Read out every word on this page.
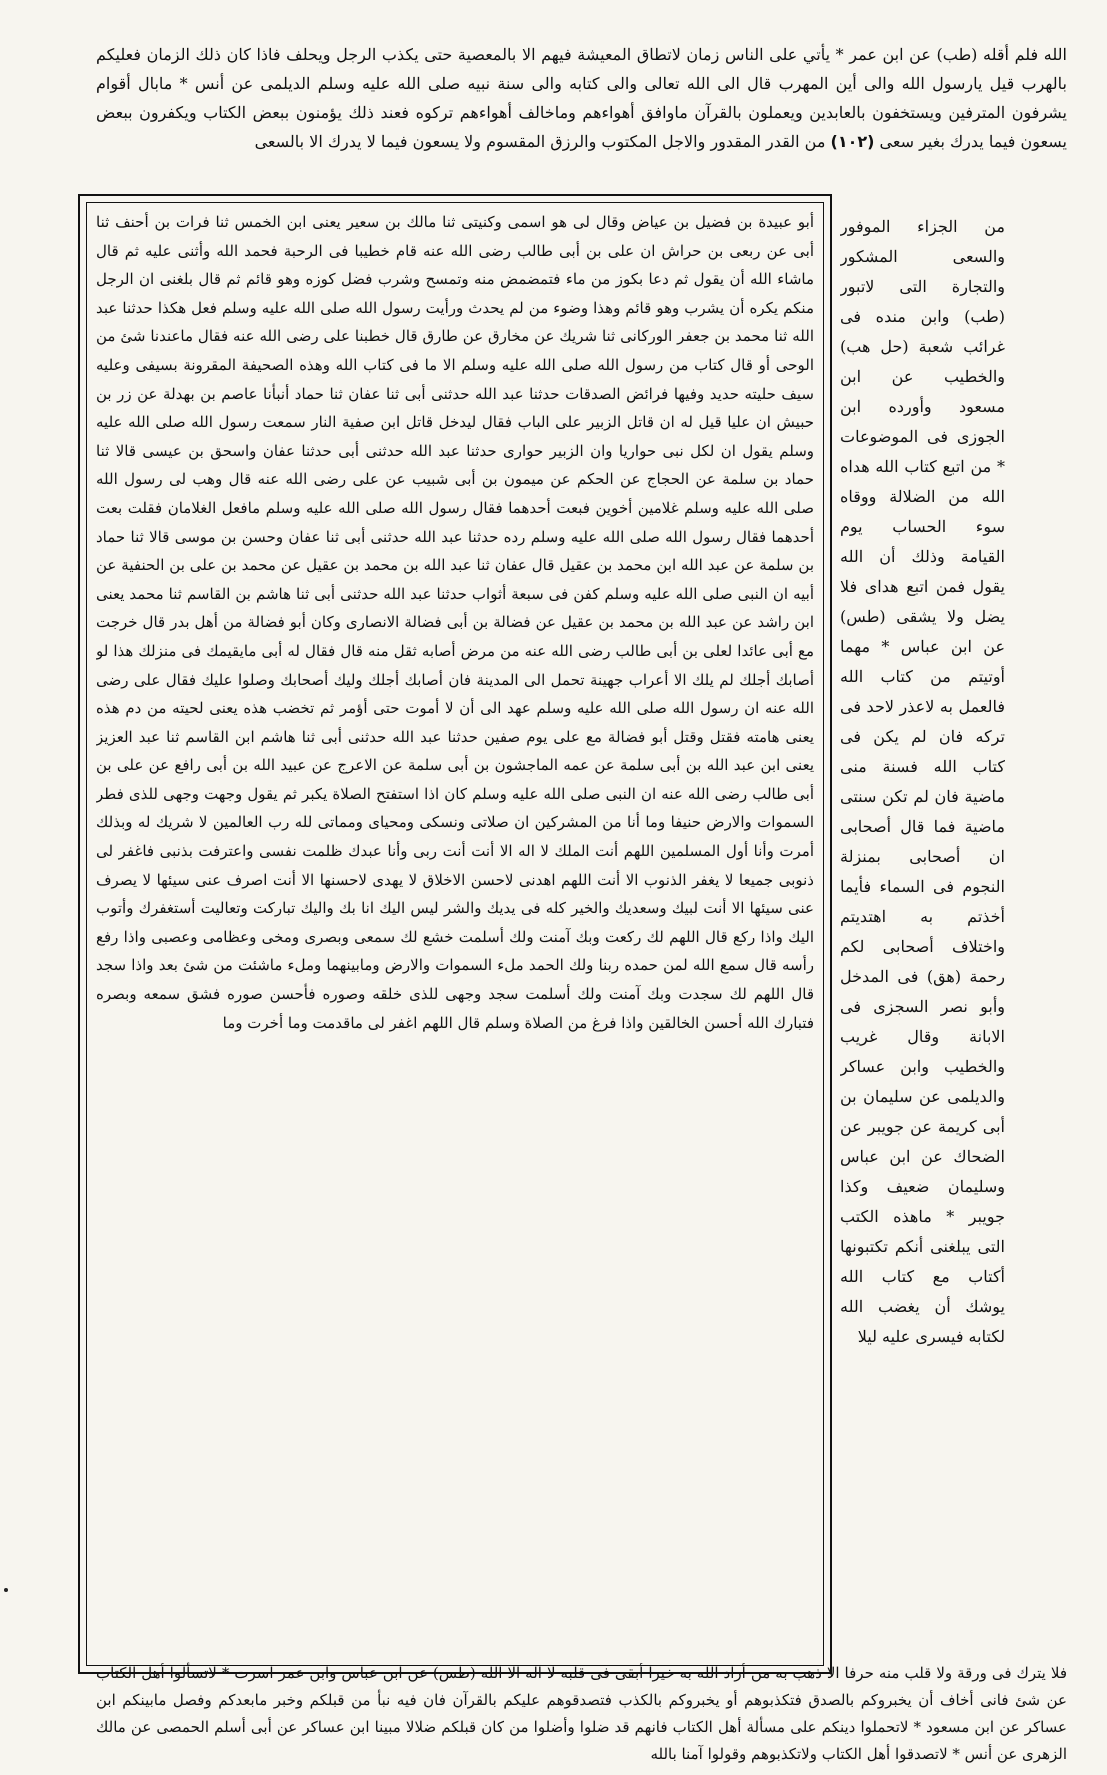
الله فلم أقله (طب) عن ابن عمر * يأتي على الناس زمان لاتطاق المعيشة فيهم الا بالمعصية حتى يكذب الرجل ويحلف فاذا كان ذلك الزمان فعليكم بالهرب قيل يارسول الله والى أين المهرب قال الى الله تعالى والى كتابه والى سنة نبيه صلى الله عليه وسلم الديلمى عن أنس * مابال أقوام يشرفون المترفين ويستخفون بالعابدين ويعملون بالقرآن ماوافق أهواءهم وماخالف أهواءهم تركوه فعند ذلك يؤمنون ببعض الكتاب ويكفرون ببعض يسعون فيما يدرك بغير سعى (١٠٢) من القدر المقدور والاجل المكتوب والرزق المقسوم ولا يسعون فيما لا يدرك الا بالسعى

أبو عبيدة بن فضيل بن عياض وقال لى هو اسمى وكنيتى ثنا مالك بن سعير يعنى ابن الخمس ثنا فرات بن أحنف ثنا أبى عن ربعى بن حراش ان على بن أبى طالب رضى الله عنه قام خطيبا فى الرحبة فحمد الله وأثنى عليه ثم قال ماشاء الله أن يقول ثم دعا بكوز من ماء فتمضمض منه وتمسح وشرب فضل كوزه وهو قائم ثم قال بلغنى ان الرجل منكم يكره أن يشرب وهو قائم وهذا وضوء من لم يحدث ورأيت رسول الله صلى الله عليه وسلم فعل هكذا حدثنا عبد الله ثنا محمد بن جعفر الوركانى ثنا شريك عن مخارق عن طارق قال خطبنا على رضى الله عنه فقال ماعندنا شئ من الوحى أو قال كتاب من رسول الله صلى الله عليه وسلم الا ما فى كتاب الله وهذه الصحيفة المقرونة بسيفى وعليه سيف حليته حديد وفيها فرائض الصدقات حدثنا عبد الله حدثنى أبى ثنا عفان ثنا حماد أنبأنا عاصم بن بهدلة عن زر بن حبيش ان عليا قيل له ان قاتل الزبير على الباب فقال ليدخل قاتل ابن صفية النار سمعت رسول الله صلى الله عليه وسلم يقول ان لكل نبى حواريا وان الزبير حوارى حدثنا عبد الله حدثنى أبى حدثنا عفان واسحق بن عيسى قالا ثنا حماد بن سلمة عن الحجاج عن الحكم عن ميمون بن أبى شبيب عن على رضى الله عنه قال وهب لى رسول الله صلى الله عليه وسلم غلامين أخوين فبعت أحدهما فقال رسول الله صلى الله عليه وسلم مافعل الغلامان فقلت بعت أحدهما فقال رسول الله صلى الله عليه وسلم رده حدثنا عبد الله حدثنى أبى ثنا عفان وحسن بن موسى قالا ثنا حماد بن سلمة عن عبد الله ابن محمد بن عقيل قال عفان ثنا عبد الله بن محمد بن عقيل عن محمد بن على بن الحنفية عن أبيه ان النبى صلى الله عليه وسلم كفن فى سبعة أثواب حدثنا عبد الله حدثنى أبى ثنا هاشم بن القاسم ثنا محمد يعنى ابن راشد عن عبد الله بن محمد بن عقيل عن فضالة بن أبى فضالة الانصارى وكان أبو فضالة من أهل بدر قال خرجت مع أبى عائدا لعلى بن أبى طالب رضى الله عنه من مرض أصابه ثقل منه قال فقال له أبى مايقيمك فى منزلك هذا لو أصابك أجلك لم يلك الا أعراب جهينة تحمل الى المدينة فان أصابك أجلك وليك أصحابك وصلوا عليك فقال على رضى الله عنه ان رسول الله صلى الله عليه وسلم عهد الى أن لا أموت حتى أؤمر ثم تخضب هذه يعنى لحيته من دم هذه يعنى هامته فقتل وقتل أبو فضالة مع على يوم صفين حدثنا عبد الله حدثنى أبى ثنا هاشم ابن القاسم ثنا عبد العزيز يعنى ابن عبد الله بن أبى سلمة عن عمه الماجشون بن أبى سلمة عن الاعرج عن عبيد الله بن أبى رافع عن على بن أبى طالب رضى الله عنه ان النبى صلى الله عليه وسلم كان اذا استفتح الصلاة يكبر ثم يقول وجهت وجهى للذى فطر السموات والارض حنيفا وما أنا من المشركين ان صلاتى ونسكى ومحياى ومماتى لله رب العالمين لا شريك له وبذلك أمرت وأنا أول المسلمين اللهم أنت الملك لا اله الا أنت أنت ربى وأنا عبدك ظلمت نفسى واعترفت بذنبى فاغفر لى ذنوبى جميعا لا يغفر الذنوب الا أنت اللهم اهدنى لاحسن الاخلاق لا يهدى لاحسنها الا أنت اصرف عنى سيئها لا يصرف عنى سيئها الا أنت لبيك وسعديك والخير كله فى يديك والشر ليس اليك انا بك واليك تباركت وتعاليت أستغفرك وأتوب اليك واذا ركع قال اللهم لك ركعت وبك آمنت ولك أسلمت خشع لك سمعى وبصرى ومخى وعظامى وعصبى واذا رفع رأسه قال سمع الله لمن حمده ربنا ولك الحمد ملء السموات والارض ومابينهما وملء ماشئت من شئ بعد واذا سجد قال اللهم لك سجدت وبك آمنت ولك أسلمت سجد وجهى للذى خلقه وصوره فأحسن صوره فشق سمعه وبصره فتبارك الله أحسن الخالقين واذا فرغ من الصلاة وسلم قال اللهم اغفر لى ماقدمت وما أخرت وما

من الجزاء الموفور والسعى المشكور والتجارة التى لاتبور (طب) وابن منده فى غرائب شعبة (حل هب) والخطيب عن ابن مسعود وأورده ابن الجوزى فى الموضوعات * من اتبع كتاب الله هداه الله من الضلالة ووقاه سوء الحساب يوم القيامة وذلك أن الله يقول فمن اتبع هداى فلا يضل ولا يشقى (طس) عن ابن عباس * مهما أوتيتم من كتاب الله فالعمل به لاعذر لاحد فى تركه فان لم يكن فى كتاب الله فسنة منى ماضية فان لم تكن سنتى ماضية فما قال أصحابى ان أصحابى بمنزلة النجوم فى السماء فأيما أخذتم به اهتديتم واختلاف أصحابى لكم رحمة (هق) فى المدخل وأبو نصر السجزى فى الابانة وقال غريب والخطيب وابن عساكر والديلمى عن سليمان بن أبى كريمة عن جويبر عن الضحاك عن ابن عباس وسليمان ضعيف وكذا جويبر * ماهذه الكتب التى يبلغنى أنكم تكتبونها أكتاب مع كتاب الله يوشك أن يغضب الله لكتابه فيسرى عليه ليلا

فلا يترك فى ورقة ولا قلب منه حرفا الا ذهب به من أراد الله به خيرا أبقى فى قلبه لا اله الا الله (طس) عن ابن عباس وابن عمر اسرت * لاتسألوا أهل الكتاب عن شئ فانى أخاف أن يخبروكم بالصدق فتكذبوهم أو يخبروكم بالكذب فتصدقوهم عليكم بالقرآن فان فيه نبأ من قبلكم وخبر مابعدكم وفصل مابينكم ابن عساكر عن ابن مسعود * لاتحملوا دينكم على مسألة أهل الكتاب فانهم قد ضلوا وأضلوا من كان قبلكم ضلالا مبينا ابن عساكر عن أبى أسلم الحمصى عن مالك الزهرى عن أنس * لاتصدقوا أهل الكتاب ولاتكذبوهم وقولوا آمنا بالله
